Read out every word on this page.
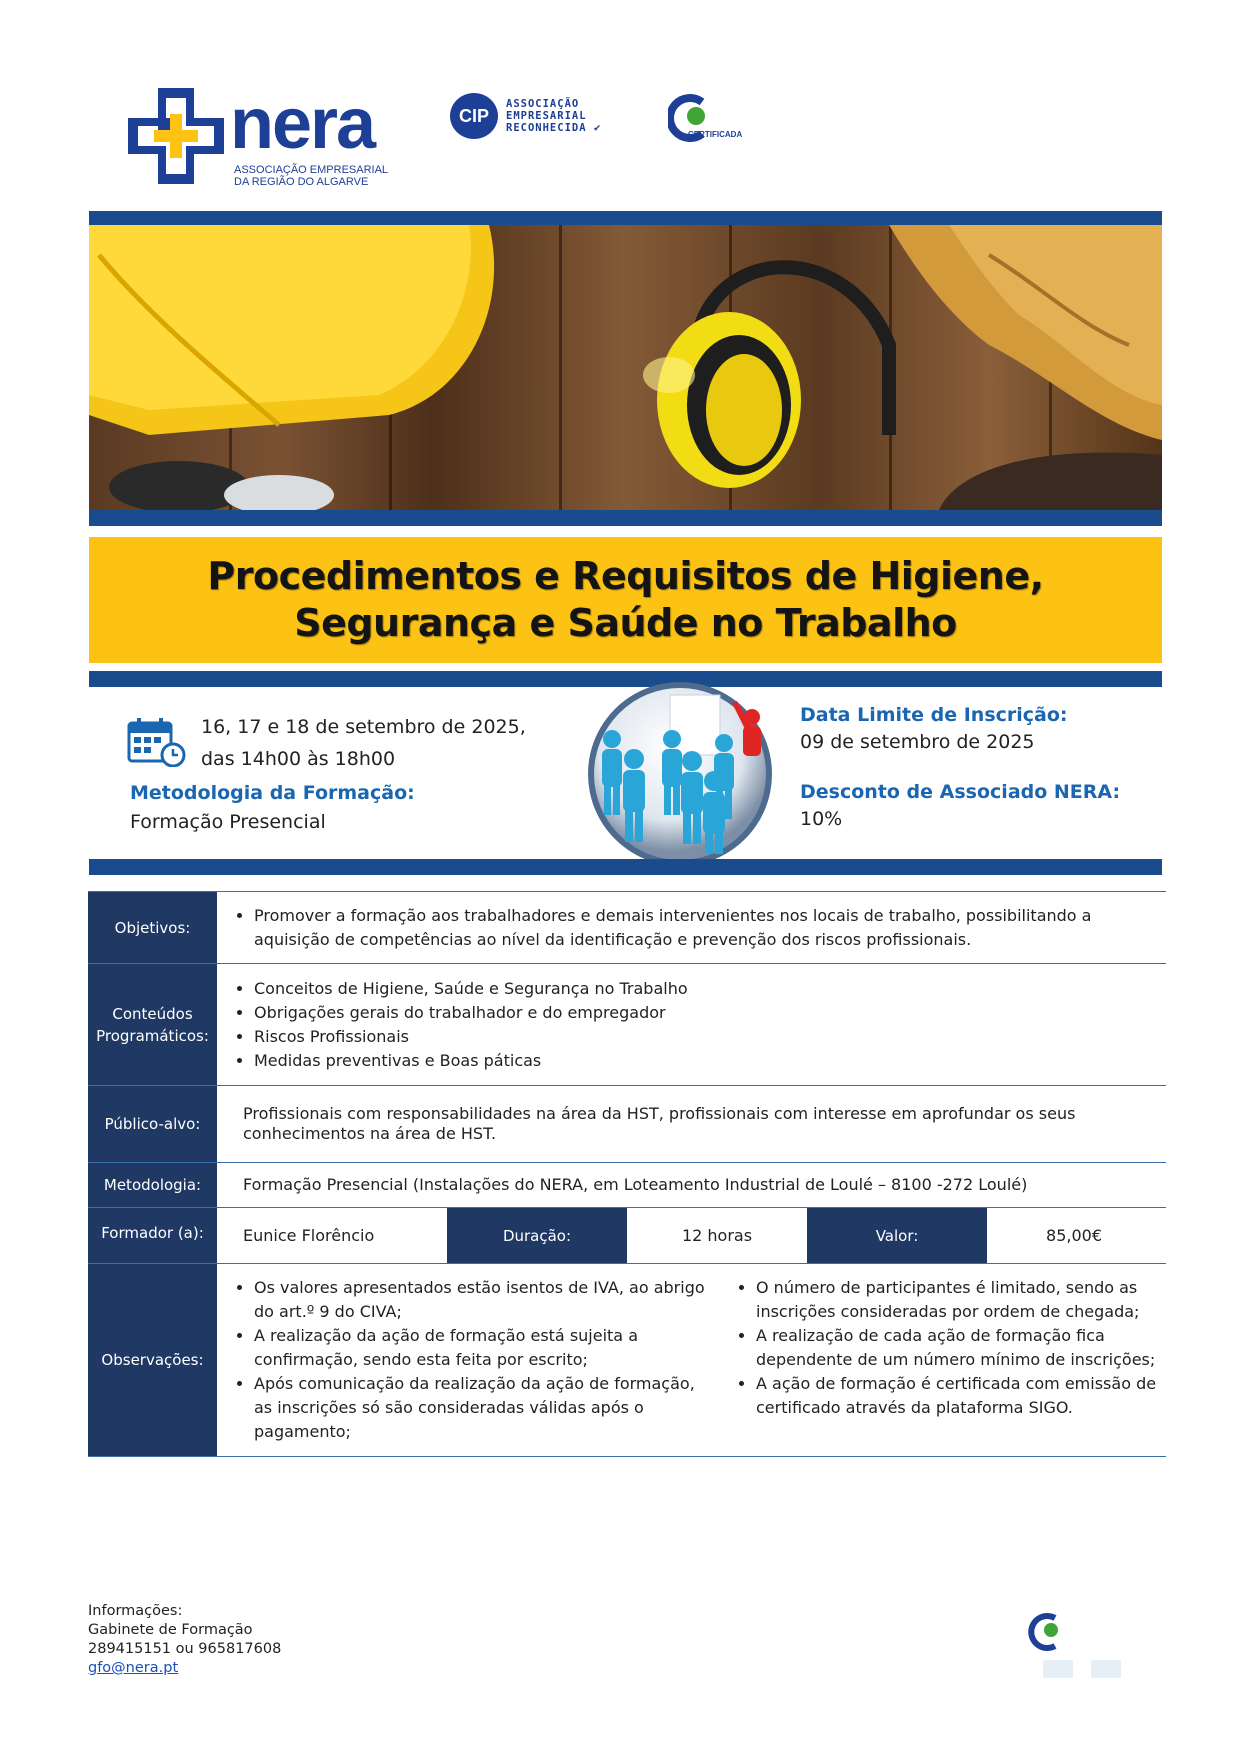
nera
ASSOCIAÇÃO EMPRESARIAL
DA REGIÃO DO ALGARVE
CIP
ASSOCIAÇÃO
EMPRESARIAL
RECONHECIDA ✔
CERTIFICADA
Procedimentos e Requisitos de Higiene,
Segurança e Saúde no Trabalho
16, 17 e 18 de setembro de 2025,
das 14h00 às 18h00
Metodologia da Formação:
Formação Presencial
Data Limite de Inscrição:
09 de setembro de 2025
Desconto de Associado NERA:
10%
Objetivos:	
• Promover a formação aos trabalhadores e demais intervenientes nos locais de trabalho, possibilitando a aquisição de competências ao nível da identificação e prevenção dos riscos profissionais.

Conteúdos
Programáticos:

• Conceitos de Higiene, Saúde e Segurança no Trabalho
• Obrigações gerais do trabalhador e do empregador
• Riscos Profissionais
• Medidas preventivas e Boas páticas

Público-alvo:	Profissionais com responsabilidades na área da HST, profissionais com interesse em aprofundar os seus conhecimentos na área de HST.
Metodologia:	Formação Presencial (Instalações do NERA, em Loteamento Industrial de Loulé – 8100 -272 Loulé)
Formador (a):	Eunice Florêncio	Duração:	12 horas	Valor:	85,00€

Observações:	
• Os valores apresentados estão isentos de IVA, ao abrigo do art.º 9 do CIVA;
• A realização da ação de formação está sujeita a confirmação, sendo esta feita por escrito;
• Após comunicação da realização da ação de formação, as inscrições só são consideradas válidas após o pagamento;
• O número de participantes é limitado, sendo as inscrições consideradas por ordem de chegada;
• A realização de cada ação de formação fica dependente de um número mínimo de inscrições;
• A ação de formação é certificada com emissão de certificado através da plataforma SIGO.
Informações:
Gabinete de Formação
289415151 ou 965817608
gfo@nera.pt
